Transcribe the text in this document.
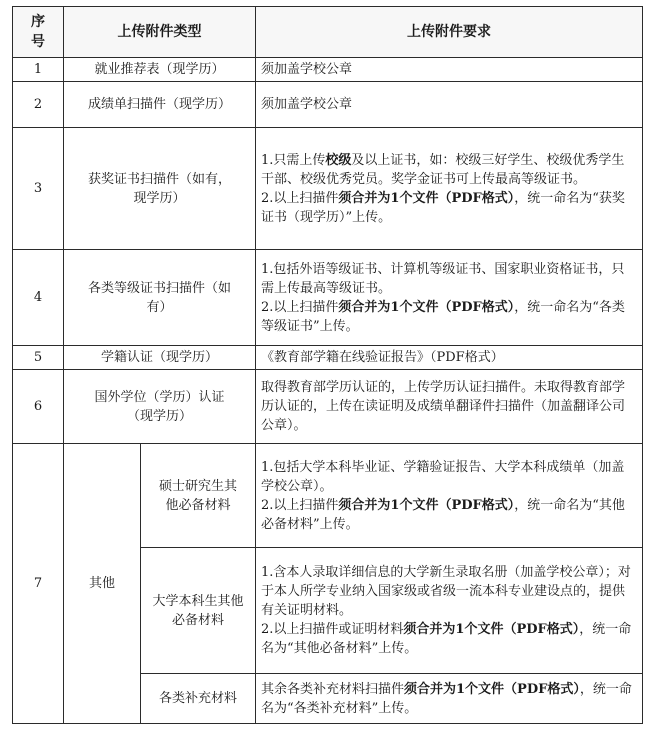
序号	上传附件类型		上传附件要求
1	就业推荐表（现学历）		须加盖学校公章
2	成绩单扫描件（现学历）		须加盖学校公章
3	获奖证书扫描件（如有，现学历）		1.只需上传校级及以上证书，如：校级三好学生、校级优秀学生干部、校级优秀党员。奖学金证书可上传最高等级证书。

2.以上扫描件须合并为1个文件（PDF格式），统一命名为“获奖证书（现学历）”上传。

4	各类等级证书扫描件（如有）		1.包括外语等级证书、计算机等级证书、国家职业资格证书，只需上传最高等级证书。

2.以上扫描件须合并为1个文件（PDF格式），统一命名为“各类等级证书”上传。

5	学籍认证（现学历）		《教育部学籍在线验证报告》（PDF格式）
6	国外学位（学历）认证（现学历）		取得教育部学历认证的，上传学历认证扫描件。未取得教育部学历认证的，上传在读证明及成绩单翻译件扫描件（加盖翻译公司公章）。
7	其他	硕士研究生其他必备材料	1.包括大学本科毕业证、学籍验证报告、大学本科成绩单（加盖学校公章）。

2.以上扫描件须合并为1个文件（PDF格式），统一命名为“其他必备材料”上传。

		大学本科生其他必备材料	1.含本人录取详细信息的大学新生录取名册（加盖学校公章）；对于本人所学专业纳入国家级或省级一流本科专业建设点的，提供有关证明材料。

2.以上扫描件或证明材料须合并为1个文件（PDF格式），统一命名为“其他必备材料”上传。

		各类补充材料	其余各类补充材料扫描件须合并为1个文件（PDF格式），统一命名为“各类补充材料”上传。
